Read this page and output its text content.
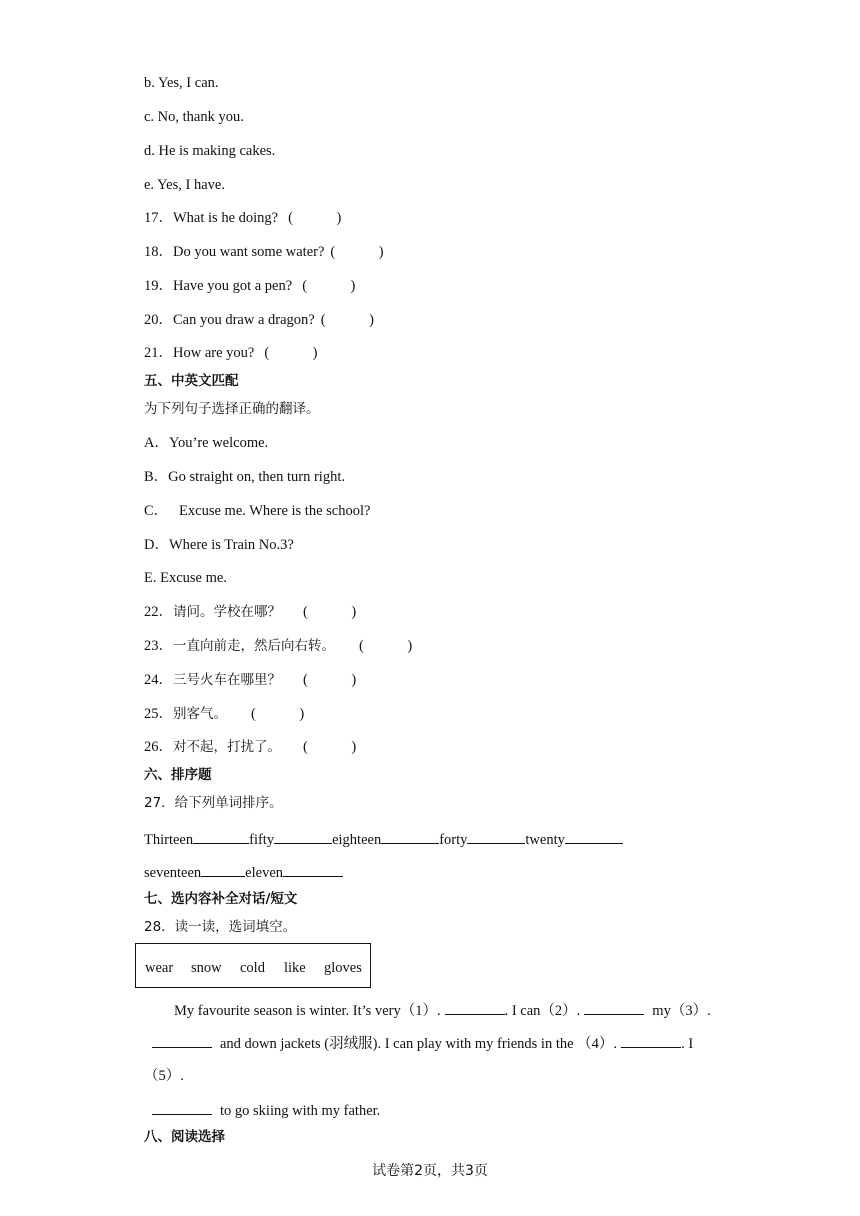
b. Yes, I can.

c. No, thank you.

d. He is making cakes.

e. Yes, I have.

17．What is he doing? (            )

18．Do you want some water? (            )

19．Have you got a pen? (            )

20．Can you draw a dragon? (            )

21．How are you? (            )

五、中英文匹配

为下列句子选择正确的翻译。

A．You’re welcome.

B．Go straight on, then turn right.

C．   Excuse me. Where is the school?

D．Where is Train No.3?

E. Excuse me.

22．请问。学校在哪？ (            )

23．一直向前走，然后向右转。 (            )

24．三号火车在哪里？ (            )

25．别客气。 (            )

26．对不起，打扰了。 (            )

六、排序题

27．给下列单词排序。

Thirteen	fifty	eighteen	forty	twenty

seventeen	eleven

七、选内容补全对话/短文

28．读一读，选词填空。

wear snow cold like gloves

My favourite season is winter. It’s very（1）.	. I can（2）.	my（3）.

and down jackets (羽绒服). I can play with my friends in the （4）.	. I

（5）.

to go skiing with my father.

八、阅读选择

试卷第2页，共3页
